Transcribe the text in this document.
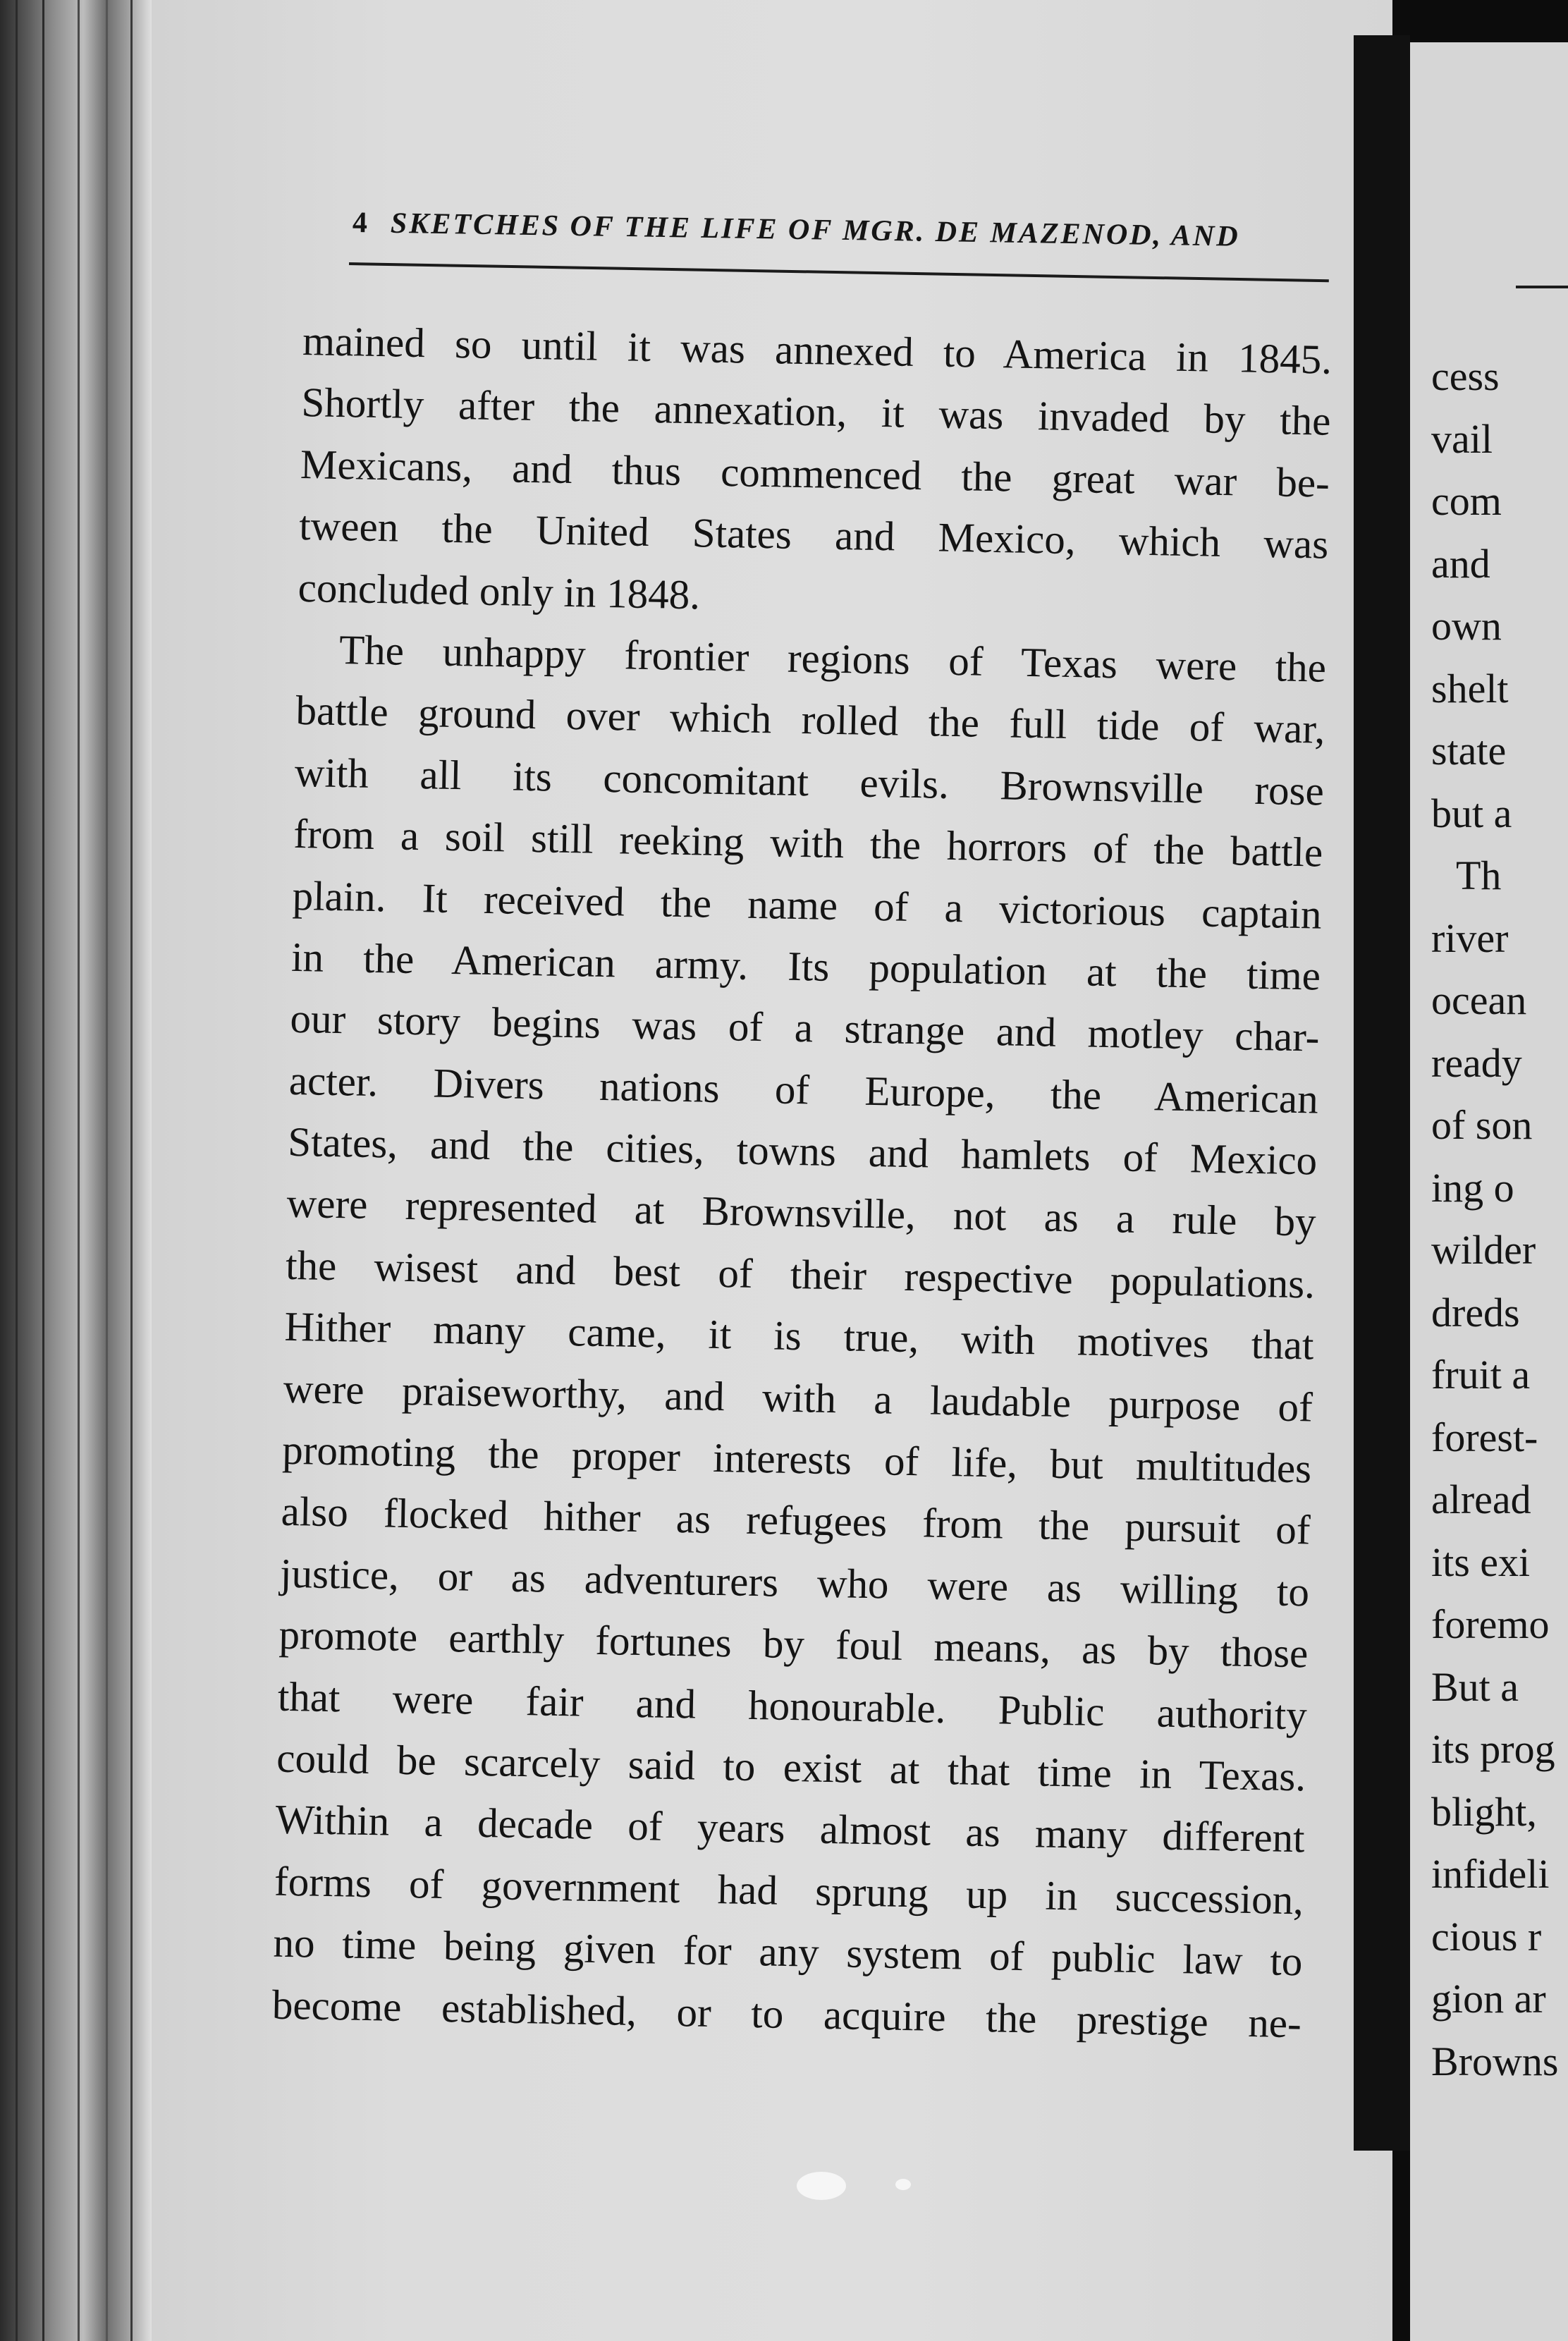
4 SKETCHES OF THE LIFE OF MGR. DE MAZENOD, AND
mained so until it was annexed to America in 1845.
Shortly after the annexation, it was invaded by the
Mexicans, and thus commenced the great war be-
tween the United States and Mexico, which was
concluded only in 1848.
The unhappy frontier regions of Texas were the
battle ground over which rolled the full tide of war,
with all its concomitant evils. Brownsville rose
from a soil still reeking with the horrors of the battle
plain. It received the name of a victorious captain
in the American army. Its population at the time
our story begins was of a strange and motley char-
acter. Divers nations of Europe, the American
States, and the cities, towns and hamlets of Mexico
were represented at Brownsville, not as a rule by
the wisest and best of their respective populations.
Hither many came, it is true, with motives that
were praiseworthy, and with a laudable purpose of
promoting the proper interests of life, but multitudes
also flocked hither as refugees from the pursuit of
justice, or as adventurers who were as willing to
promote earthly fortunes by foul means, as by those
that were fair and honourable. Public authority
could be scarcely said to exist at that time in Texas.
Within a decade of years almost as many different
forms of government had sprung up in succession,
no time being given for any system of public law to
become established, or to acquire the prestige ne-
cess
vail
com
and
own
shelt
state
but a
Th
river
ocean
ready
of son
ing o
wilder
dreds
fruit a
forest-
alread
its exi
foremo
But a
its prog
blight,
infideli
cious r
gion ar
Browns
